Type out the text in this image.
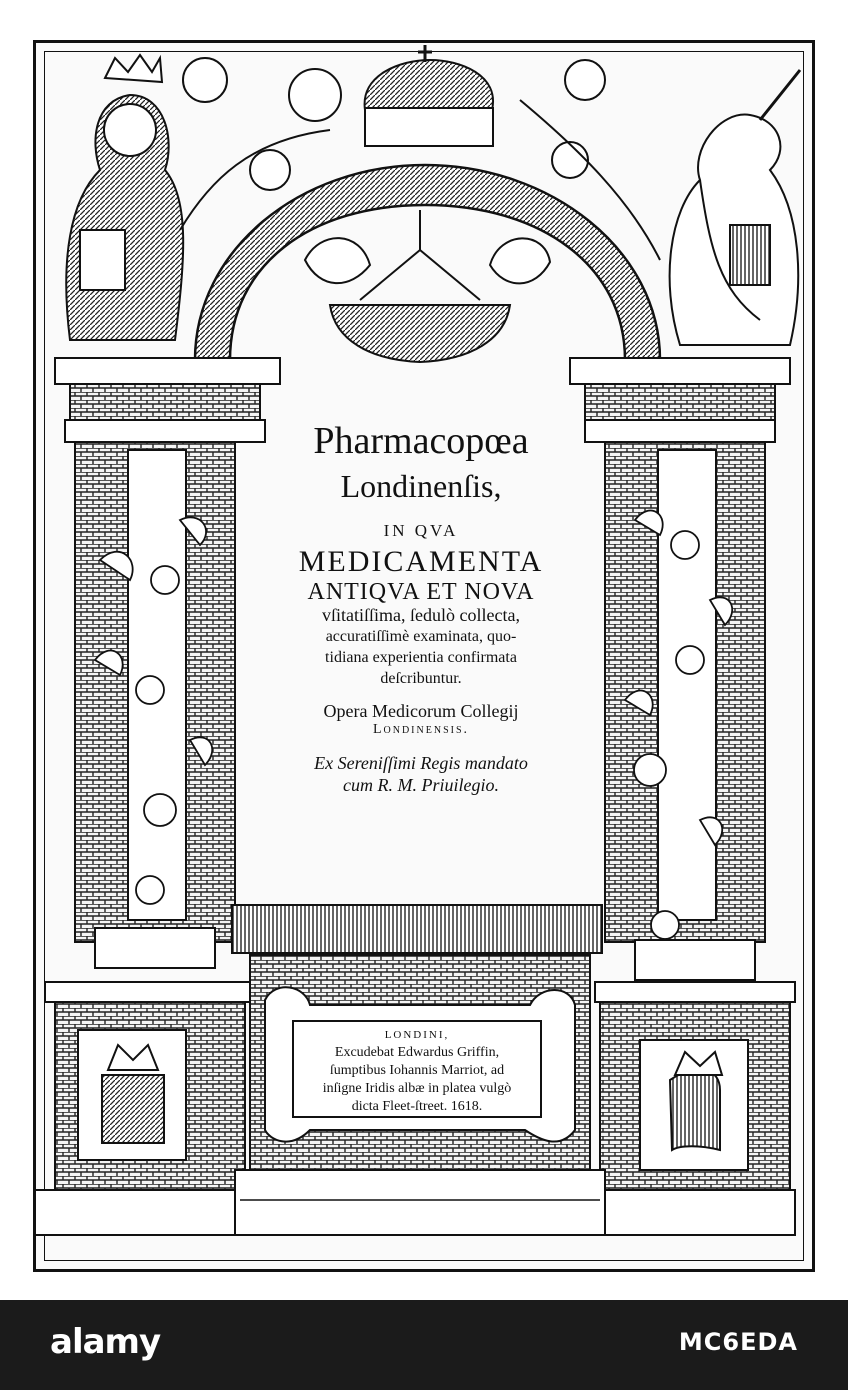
Pharmacopœa
Londinenſis,
IN QVA
MEDICAMENTA
ANTIQVA ET NOVA
vſitatiſſima, ſedulò collecta,
accuratiſſimè examinata, quo-
tidiana experientia confirmata
deſcribuntur.
Opera Medicorum Collegij
Londinensis.
Ex Sereniſſimi Regis mandato
cum R. M. Priuilegio.
LONDINI,
Excudebat Edwardus Griffin,
ſumptibus Iohannis Marriot, ad
inſigne Iridis albæ in platea vulgò
dicta Fleet-ſtreet. 1618.
alamy	MC6EDA
